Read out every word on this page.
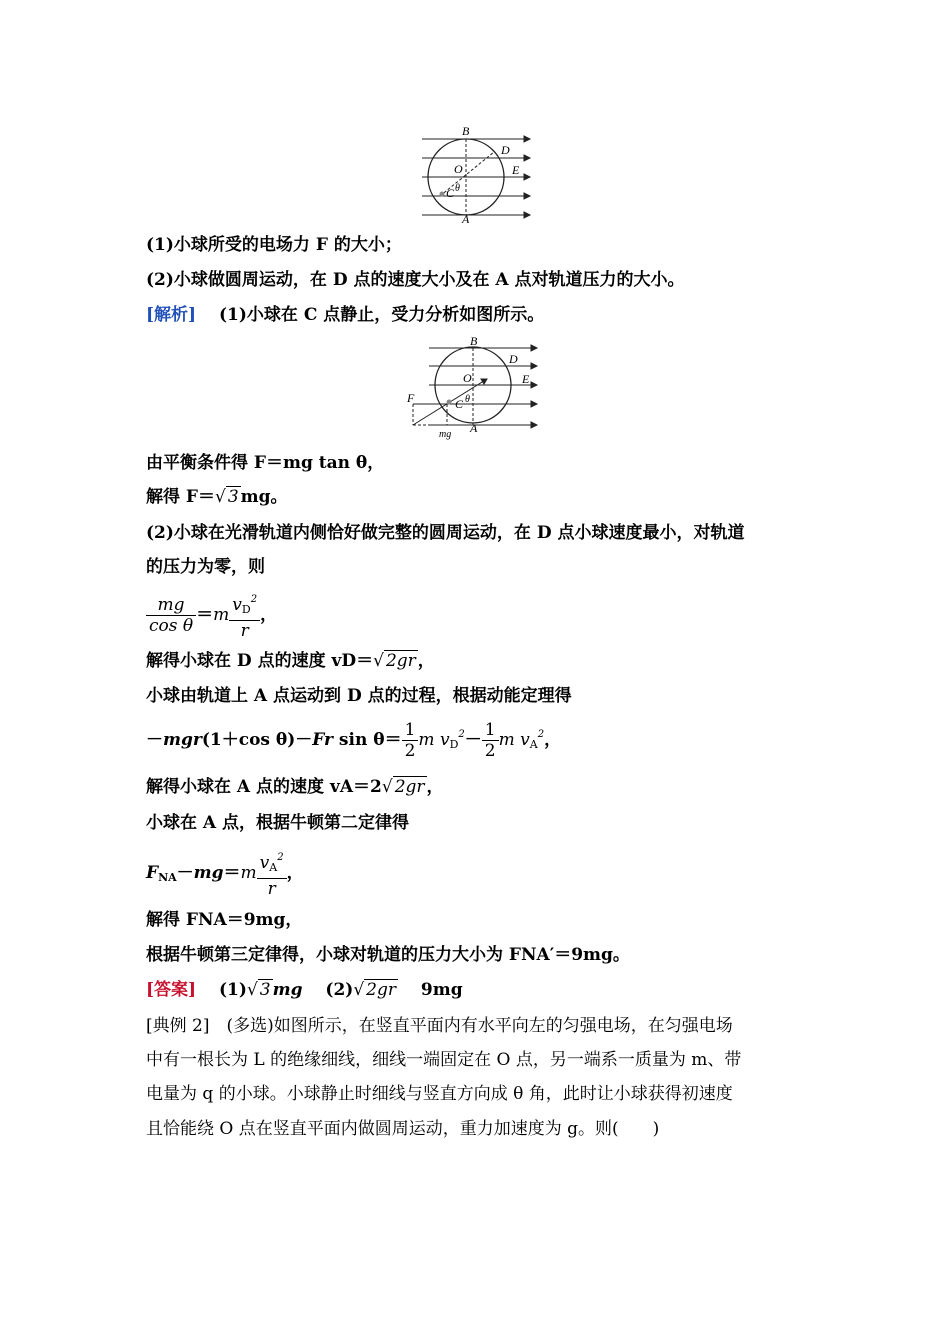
B
D
O	E
C θ
A
(1)小球所受的电场力 F 的大小；
(2)小球做圆周运动，在 D 点的速度大小及在 A 点对轨道压力的大小。
[解析]　 (1)小球在 C 点静止，受力分析如图所示。
B
D
O	E
C θ
A
F
mg
由平衡条件得 F＝mg tan θ，
解得 F＝√ 3 mg。
(2)小球在光滑轨道内侧恰好做完整的圆周运动，在 D 点小球速度最小，对轨道
的压力为零，则
$\frac{mg}{\text{cos θ}} =m \frac{v_D^2}{r}$ ，
解得小球在 D 点的速度 vD＝√ 2gr ，
小球由轨道上 A 点运动到 D 点的过程，根据动能定理得
－mgr(1＋cos θ)－Fr $\sin \theta= \frac{1}{2}$ m $v_D^2- \frac{1}{2}$ m $v_A^2$，
解得小球在 A 点的速度 vA＝2√ 2gr ，
小球在 A 点，根据牛顿第二定律得
$F_{NA}-mg=m \frac{v_A^2}{r}$ ，
解得 FNA＝9mg，
根据牛顿第三定律得，小球对轨道的压力大小为 FNA′＝9mg。
[答案]　 (1)√ 3 mg　 (2)√ 2gr　 9mg
[典例 2]　(多选)如图所示，在竖直平面内有水平向左的匀强电场，在匀强电场
中有一根长为 L 的绝缘细线，细线一端固定在 O 点，另一端系一质量为 m、带
电量为 q 的小球。小球静止时细线与竖直方向成 θ 角，此时让小球获得初速度
且恰能绕 O 点在竖直平面内做圆周运动，重力加速度为 g。则(　　)
